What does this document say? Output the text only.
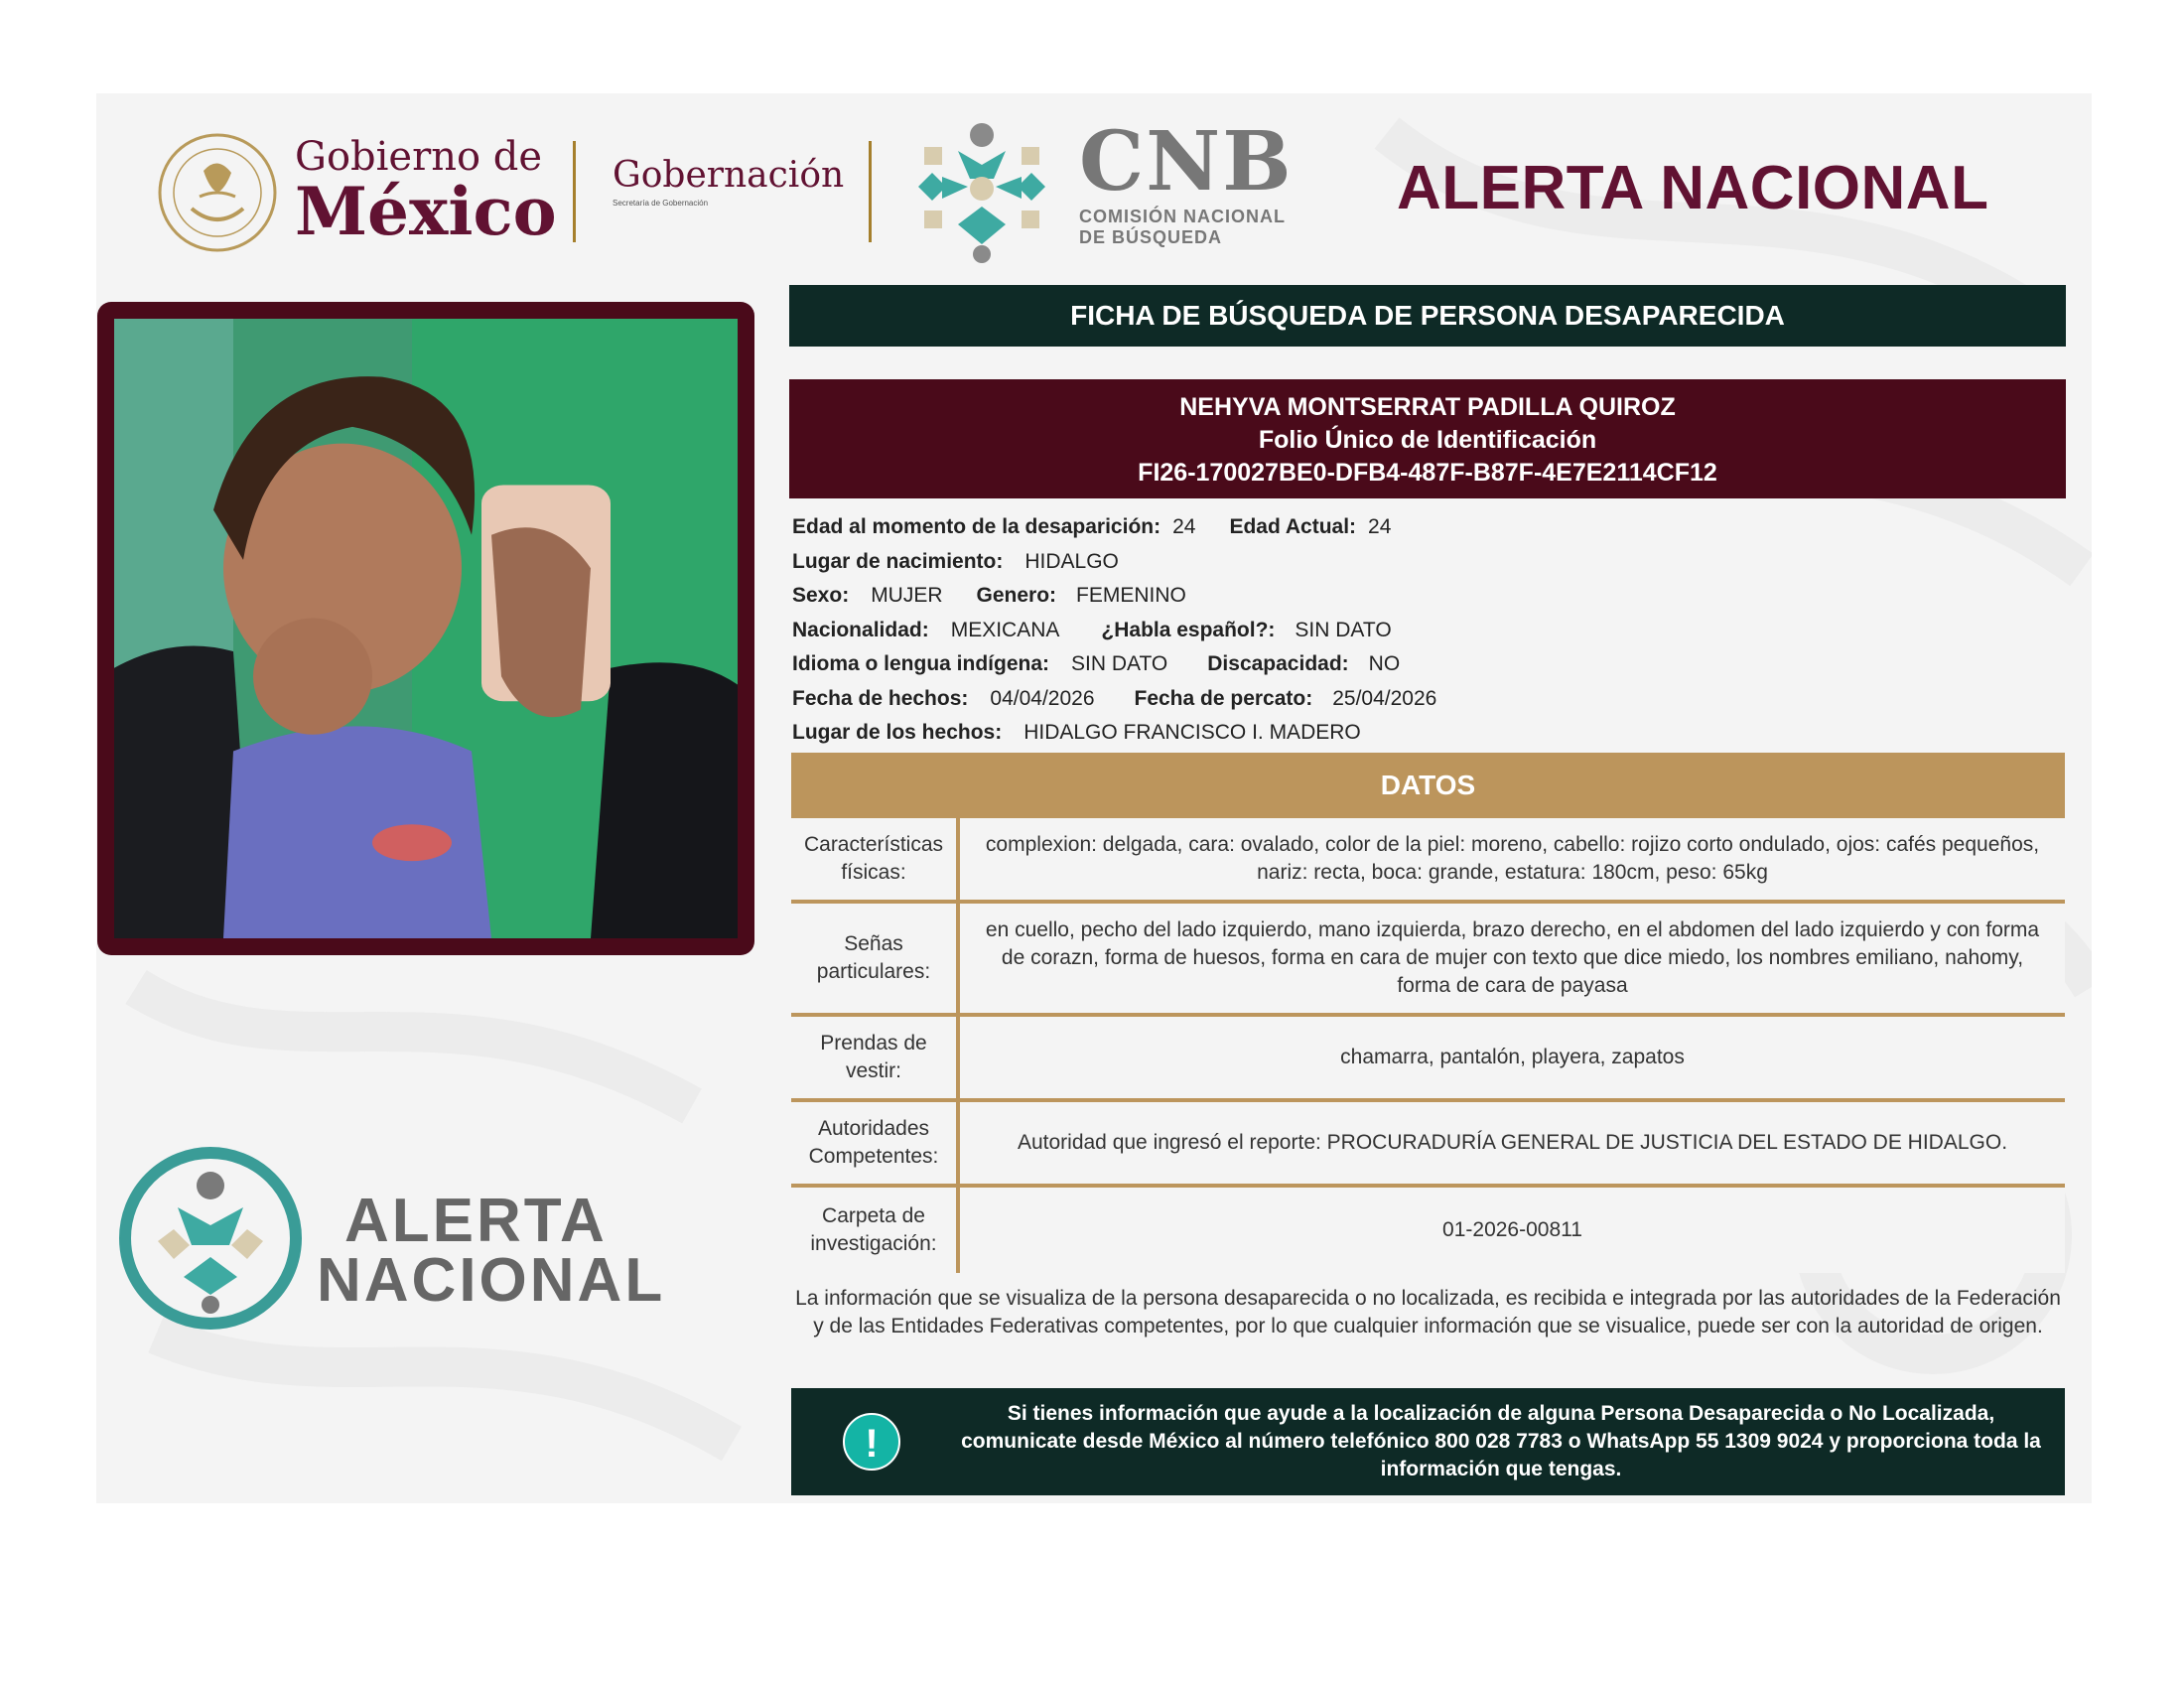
Gobierno de
México Gobernación
Secretaría de Gobernación	CNB
COMISIÓN NACIONAL
DE BÚSQUEDA
ALERTA NACIONAL
FICHA DE BÚSQUEDA DE PERSONA DESAPARECIDA
NEHYVA MONTSERRAT PADILLA QUIROZ
Folio Único de Identificación
FI26-170027BE0-DFB4-487F-B87F-4E7E2114CF12
Edad al momento de la desaparición: 24 Edad Actual: 24
Lugar de nacimiento: HIDALGO
Sexo: MUJER Genero: FEMENINO
Nacionalidad: MEXICANA ¿Habla español?: SIN DATO
Idioma o lengua indígena: SIN DATO Discapacidad: NO
Fecha de hechos: 04/04/2026 Fecha de percato: 25/04/2026
Lugar de los hechos: HIDALGO FRANCISCO I. MADERO
DATOS
Características físicas:
complexion: delgada, cara: ovalado, color de la piel: moreno, cabello: rojizo corto ondulado, ojos: cafés pequeños, nariz: recta, boca: grande, estatura: 180cm, peso: 65kg
Señas particulares:
en cuello, pecho del lado izquierdo, mano izquierda, brazo derecho, en el abdomen del lado izquierdo y con forma de corazn, forma de huesos, forma en cara de mujer con texto que dice miedo, los nombres emiliano, nahomy, forma de cara de payasa
Prendas de vestir:
chamarra, pantalón, playera, zapatos
Autoridades Competentes:
Autoridad que ingresó el reporte: PROCURADURÍA GENERAL DE JUSTICIA DEL ESTADO DE HIDALGO.
Carpeta de investigación:
01-2026-00811
La información que se visualiza de la persona desaparecida o no localizada, es recibida e integrada por las autoridades de la Federación y de las Entidades Federativas competentes, por lo que cualquier información que se visualice, puede ser con la autoridad de origen.
!
Si tienes información que ayude a la localización de alguna Persona Desaparecida o No Localizada, comunicate desde México al número telefónico 800 028 7783 o WhatsApp 55 1309 9024 y proporciona toda la información que tengas.
ALERTA
NACIONAL
